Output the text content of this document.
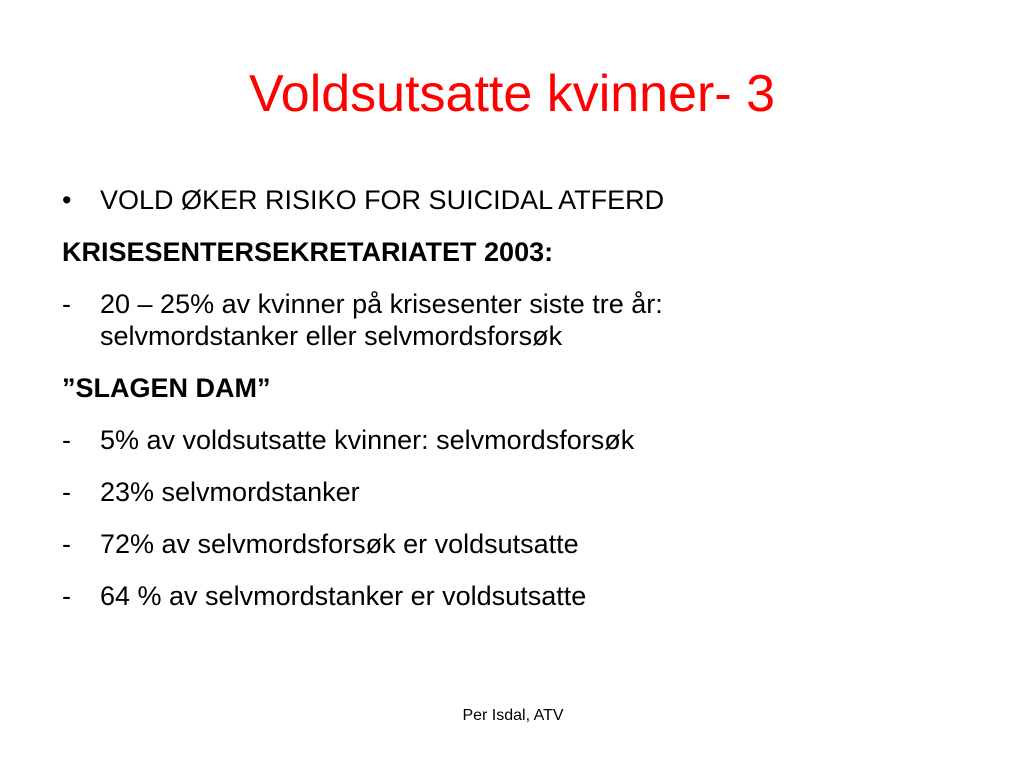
Voldsutsatte kvinner- 3
•	VOLD ØKER RISIKO FOR SUICIDAL ATFERD
KRISESENTERSEKRETARIATET 2003:
-	20 – 25% av kvinner på krisesenter siste tre år:
selvmordstanker eller selvmordsforsøk
”SLAGEN DAM”
-	5% av voldsutsatte kvinner: selvmordsforsøk
-	23% selvmordstanker
-	72% av selvmordsforsøk er voldsutsatte
-	64 % av selvmordstanker er voldsutsatte
Per Isdal, ATV
